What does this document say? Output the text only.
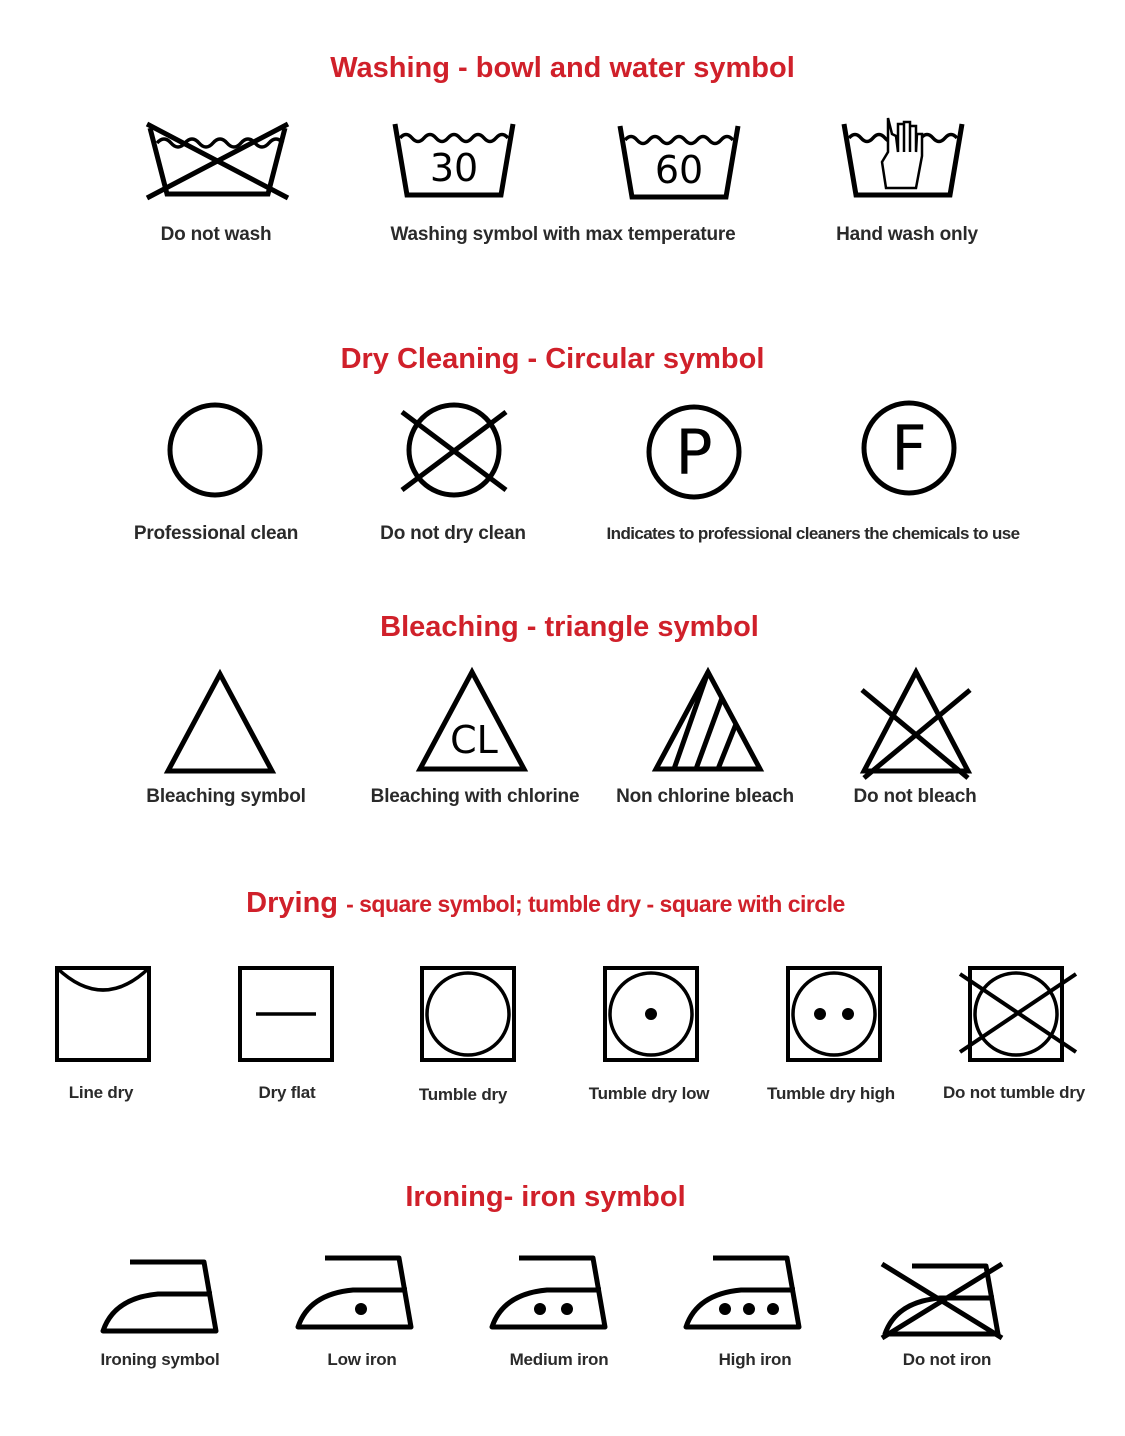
Washing - bowl and water symbol
30	60
Do not wash	Washing symbol with max temperature	Hand wash only
Dry Cleaning - Circular symbol
P	F
Professional clean	Do not dry clean	Indicates to professional cleaners the chemicals to use
Bleaching - triangle symbol
CL
Bleaching symbol	Bleaching with chlorine Non chlorine bleach	Do not bleach
Drying - square symbol; tumble dry - square with circle
Line dry	Dry flat	Tumble dry	Tumble dry low	Tumble dry high	Do not tumble dry
Ironing- iron symbol
Ironing symbol	Low iron	Medium iron	High iron	Do not iron
